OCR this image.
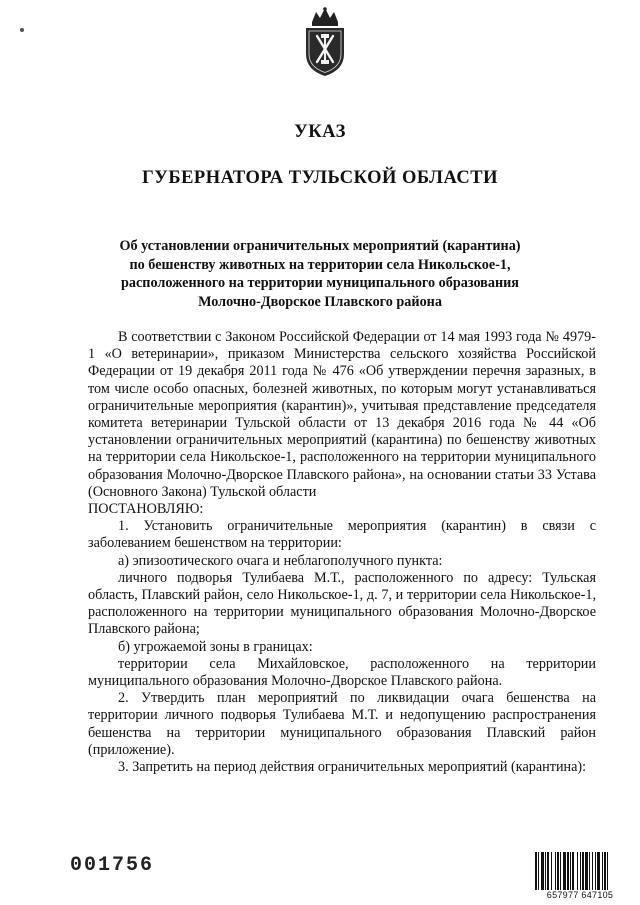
УКАЗ
ГУБЕРНАТОРА ТУЛЬСКОЙ ОБЛАСТИ
Об установлении ограничительных мероприятий (карантина)
по бешенству животных на территории села Никольское-1,
расположенного на территории муниципального образования
Молочно-Дворское Плавского района

В соответствии с Законом Российской Федерации от 14 мая 1993 года № 4979-1 «О ветеринарии», приказом Министерства сельского хозяйства Российской Федерации от 19 декабря 2011 года № 476 «Об утверждении перечня заразных, в том числе особо опасных, болезней животных, по которым могут устанавливаться ограничительные мероприятия (карантин)», учитывая представление председателя комитета ветеринарии Тульской области от 13 декабря 2016 года № 44 «Об установлении ограничительных мероприятий (карантина) по бешенству животных на территории села Никольское-1, расположенного на территории муниципального образования Молочно-Дворское Плавского района», на основании статьи 33 Устава (Основного Закона) Тульской области

ПОСТАНОВЛЯЮ:

1. Установить ограничительные мероприятия (карантин) в связи с заболеванием бешенством на территории:

а) эпизоотического очага и неблагополучного пункта:

личного подворья Тулибаева М.Т., расположенного по адресу: Тульская область, Плавский район, село Никольское-1, д. 7, и территории села Никольское-1, расположенного на территории муниципального образования Молочно-Дворское Плавского района;

б) угрожаемой зоны в границах:

территории села Михайловское, расположенного на территории муниципального образования Молочно-Дворское Плавского района.

2. Утвердить план мероприятий по ликвидации очага бешенства на территории личного подворья Тулибаева М.Т. и недопущению распространения бешенства на территории муниципального образования Плавский район (приложение).

3. Запретить на период действия ограничительных мероприятий (карантина):

001756
657977 647105
